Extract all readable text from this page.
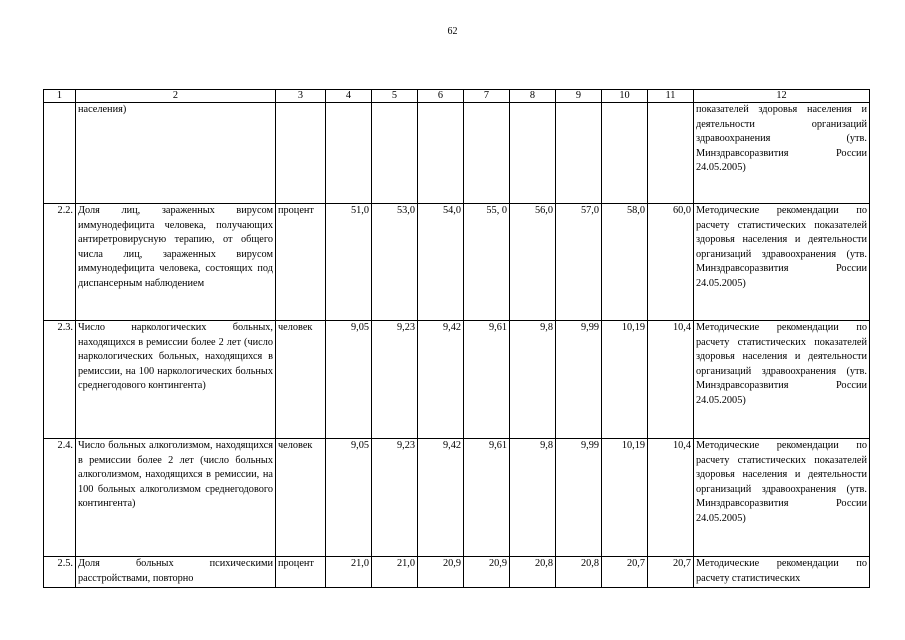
62
1	2	3	4	5	6	7	8	9	10	11	12
	населения)										показателей здоровья населения и деятельности организаций здравоохранения (утв. Минздравсоразвития России 24.05.2005)
2.2.	Доля лиц, зараженных вирусом иммунодефицита человека, получающих антиретровирусную терапию, от общего числа лиц, зараженных вирусом иммунодефицита человека, состоящих под диспансерным наблюдением	процент	51,0	53,0	54,0	55, 0	56,0	57,0	58,0	60,0	Методические рекомендации по расчету статистических показателей здоровья населения и деятельности организаций здравоохранения (утв. Минздравсоразвития России 24.05.2005)
2.3.	Число наркологических больных, находящихся в ремиссии более 2 лет (число наркологических больных, находящихся в ремиссии, на 100 наркологических больных среднегодового контингента)	человек	9,05	9,23	9,42	9,61	9,8	9,99	10,19	10,4	Методические рекомендации по расчету статистических показателей здоровья населения и деятельности организаций здравоохранения (утв. Минздравсоразвития России 24.05.2005)
2.4.	Число больных алкоголизмом, находящихся в ремиссии более 2 лет (число больных алкоголизмом, находящихся в ремиссии, на 100 больных алкоголизмом среднегодового контингента)	человек	9,05	9,23	9,42	9,61	9,8	9,99	10,19	10,4	Методические рекомендации по расчету статистических показателей здоровья населения и деятельности организаций здравоохранения (утв. Минздравсоразвития России 24.05.2005)
2.5.	Доля больных психическими расстройствами, повторно	процент	21,0	21,0	20,9	20,9	20,8	20,8	20,7	20,7	Методические рекомендации по расчету статистических
